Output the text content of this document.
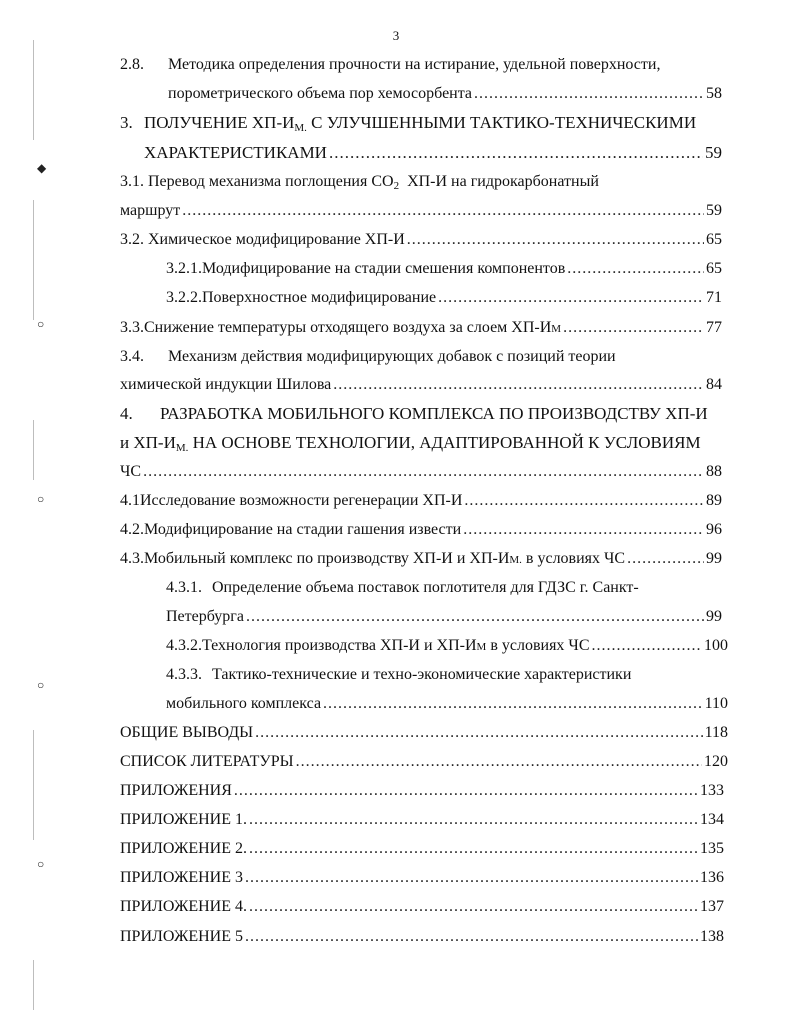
3
◆
○
○
○
○
2.8. Методика определения прочности на истирание, удельной поверхности,
порометрического объема пор хемосорбента .....	58
3. ПОЛУЧЕНИЕ $ХП-И_{М.}$ С УЛУЧШЕННЫМИ ТАКТИКО-ТЕХНИЧЕСКИМИ
ХАРАКТЕРИСТИКАМИ .....	59
3.1. Перевод механизма поглощения $CO_2$ ХП-И на гидрокарбонатный
маршрут .....	59
3.2.
Химическое модифицирование ХП-И .....	65
3.2.1. Модифицирование на стадии смешения компонентов .....	65
3.2.2. Поверхностное модифицирование .....	71
3.3. Снижение температуры отходящего воздуха за слоем ХП-И М .....	77
3.4. Механизм действия модифицирующих добавок с позиций теории
химической индукции Шилова .....	84
4. РАЗРАБОТКА МОБИЛЬНОГО КОМПЛЕКСА ПО ПРОИЗВОДСТВУ ХП-И
и $ХП-И_{М.}$ НА ОСНОВЕ ТЕХНОЛОГИИ, АДАПТИРОВАННОЙ К УСЛОВИЯМ
ЧС .....	88
4.1 Исследование возможности регенерации ХП-И .....	89
4.2. Модифицирование на стадии гашения извести .....	96
4.3. Мобильный комплекс по производству ХП-И и ХП-И М.
в условиях ЧС .....	99
4.3.1. Определение объема поставок поглотителя для ГДЗС г. Санкт-
Петербурга .....	99
4.3.2. Технология производства ХП-И и ХП-И М
в условиях ЧС .....	100
4.3.3. Тактико-технические и техно-экономические характеристики
мобильного комплекса .....	110
ОБЩИЕ ВЫВОДЫ .....	118
СПИСОК ЛИТЕРАТУРЫ .....	120
ПРИЛОЖЕНИЯ .....	133
ПРИЛОЖЕНИЕ 1. .....	134
ПРИЛОЖЕНИЕ 2. .....	135
ПРИЛОЖЕНИЕ 3 .....	136
ПРИЛОЖЕНИЕ 4. .....	137
ПРИЛОЖЕНИЕ 5 .....	138
